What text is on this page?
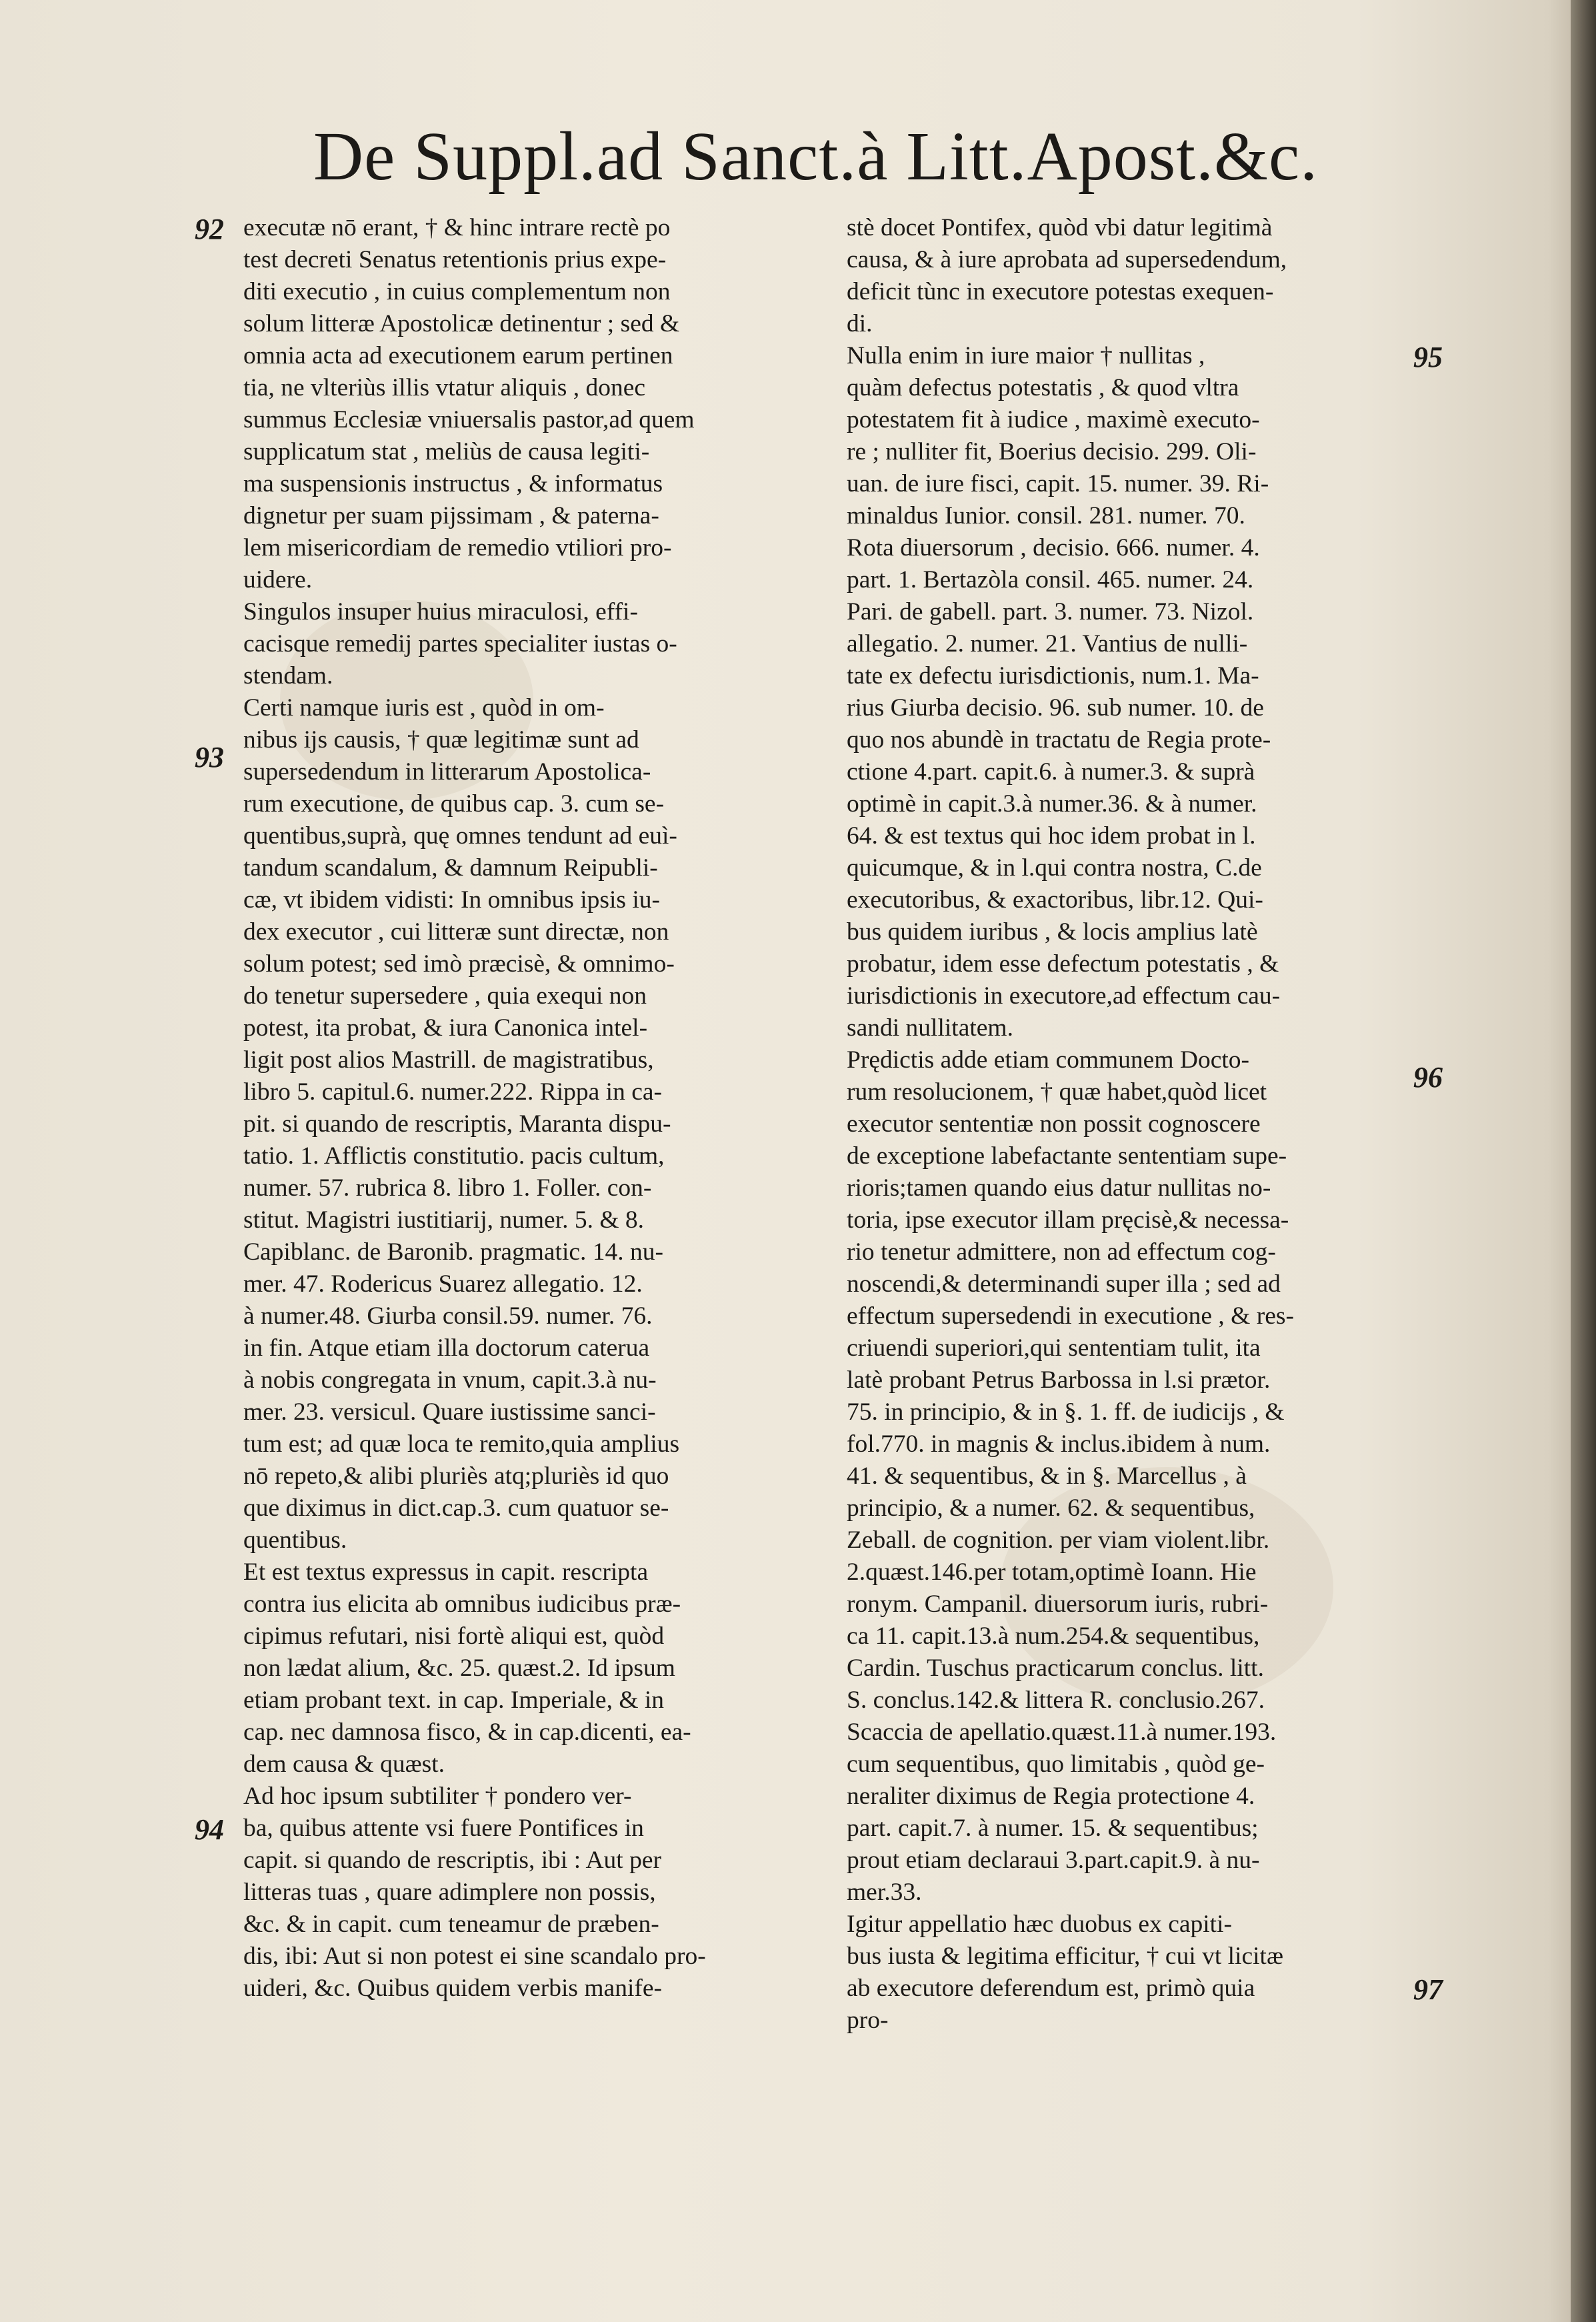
De Suppl.ad Sanct.à Litt.Apost.&c.
executæ nō erant, † & hinc intrare rectè po
test decreti Senatus retentionis prius expe-
diti executio , in cuius complementum non
solum litteræ Apostolicæ detinentur ; sed &
omnia acta ad executionem earum pertinen
tia, ne vlteriùs illis vtatur aliquis , donec
summus Ecclesiæ vniuersalis pastor,ad quem
supplicatum stat , meliùs de causa legiti-
ma suspensionis instructus , & informatus
dignetur per suam pijssimam , & paterna-
lem misericordiam de remedio vtiliori pro-
uidere.
Singulos insuper huius miraculosi, effi-
cacisque remedij partes specialiter iustas o-
stendam.
Certi namque iuris est , quòd in om-
nibus ijs causis, † quæ legitimæ sunt ad
supersedendum in litterarum Apostolica-
rum executione, de quibus cap. 3. cum se-
quentibus,suprà, quę omnes tendunt ad euì-
tandum scandalum, & damnum Reipubli-
cæ, vt ibidem vidisti: In omnibus ipsis iu-
dex executor , cui litteræ sunt directæ, non
solum potest; sed imò præcisè, & omnimo-
do tenetur supersedere , quia exequi non
potest, ita probat, & iura Canonica intel-
ligit post alios Mastrill. de magistratibus,
libro 5. capitul.6. numer.222. Rippa in ca-
pit. si quando de rescriptis, Maranta dispu-
tatio. 1. Afflictis constitutio. pacis cultum,
numer. 57. rubrica 8. libro 1. Foller. con-
stitut. Magistri iustitiarij, numer. 5. & 8.
Capiblanc. de Baronib. pragmatic. 14. nu-
mer. 47. Rodericus Suarez allegatio. 12.
à numer.48. Giurba consil.59. numer. 76.
in fin. Atque etiam illa doctorum caterua
à nobis congregata in vnum, capit.3.à nu-
mer. 23. versicul. Quare iustissime sanci-
tum est; ad quæ loca te remito,quia amplius
nō repeto,& alibi pluriès atq;pluriès id quo
que diximus in dict.cap.3. cum quatuor se-
quentibus.
Et est textus expressus in capit. rescripta
contra ius elicita ab omnibus iudicibus præ-
cipimus refutari, nisi fortè aliqui est, quòd
non lædat alium, &c. 25. quæst.2. Id ipsum
etiam probant text. in cap. Imperiale, & in
cap. nec damnosa fisco, & in cap.dicenti, ea-
dem causa & quæst.
Ad hoc ipsum subtiliter † pondero ver-
ba, quibus attente vsi fuere Pontifices in
capit. si quando de rescriptis, ibi : Aut per
litteras tuas , quare adimplere non possis,
&c. & in capit. cum teneamur de præben-
dis, ibi: Aut si non potest ei sine scandalo pro-
uideri, &c. Quibus quidem verbis manife-
stè docet Pontifex, quòd vbi datur legitimà
causa, & à iure aprobata ad supersedendum,
deficit tùnc in executore potestas exequen-
di.
Nulla enim in iure maior † nullitas ,
quàm defectus potestatis , & quod vltra
potestatem fit à iudice , maximè executo-
re ; nulliter fit, Boerius decisio. 299. Oli-
uan. de iure fisci, capit. 15. numer. 39. Ri-
minaldus Iunior. consil. 281. numer. 70.
Rota diuersorum , decisio. 666. numer. 4.
part. 1. Bertazòla consil. 465. numer. 24.
Pari. de gabell. part. 3. numer. 73. Nizol.
allegatio. 2. numer. 21. Vantius de nulli-
tate ex defectu iurisdictionis, num.1. Ma-
rius Giurba decisio. 96. sub numer. 10. de
quo nos abundè in tractatu de Regia prote-
ctione 4.part. capit.6. à numer.3. & suprà
optimè in capit.3.à numer.36. & à numer.
64. & est textus qui hoc idem probat in l.
quicumque, & in l.qui contra nostra, C.de
executoribus, & exactoribus, libr.12. Qui-
bus quidem iuribus , & locis amplius latè
probatur, idem esse defectum potestatis , &
iurisdictionis in executore,ad effectum cau-
sandi nullitatem.
Prędictis adde etiam communem Docto-
rum resolucionem, † quæ habet,quòd licet
executor sententiæ non possit cognoscere
de exceptione labefactante sententiam supe-
rioris;tamen quando eius datur nullitas no-
toria, ipse executor illam pręcisè,& necessa-
rio tenetur admittere, non ad effectum cog-
noscendi,& determinandi super illa ; sed ad
effectum supersedendi in executione , & res-
criuendi superiori,qui sententiam tulit, ita
latè probant Petrus Barbossa in l.si prætor.
75. in principio, & in §. 1. ff. de iudicijs , &
fol.770. in magnis & inclus.ibidem à num.
41. & sequentibus, & in §. Marcellus , à
principio, & a numer. 62. & sequentibus,
Zeball. de cognition. per viam violent.libr.
2.quæst.146.per totam,optimè Ioann. Hie
ronym. Campanil. diuersorum iuris, rubri-
ca 11. capit.13.à num.254.& sequentibus,
Cardin. Tuschus practicarum conclus. litt.
S. conclus.142.& littera R. conclusio.267.
Scaccia de apellatio.quæst.11.à numer.193.
cum sequentibus, quo limitabis , quòd ge-
neraliter diximus de Regia protectione 4.
part. capit.7. à numer. 15. & sequentibus;
prout etiam declaraui 3.part.capit.9. à nu-
mer.33.
Igitur appellatio hæc duobus ex capiti-
bus iusta & legitima efficitur, † cui vt licitæ
ab executore deferendum est, primò quia
pro-
92
93
94
95
96
97
